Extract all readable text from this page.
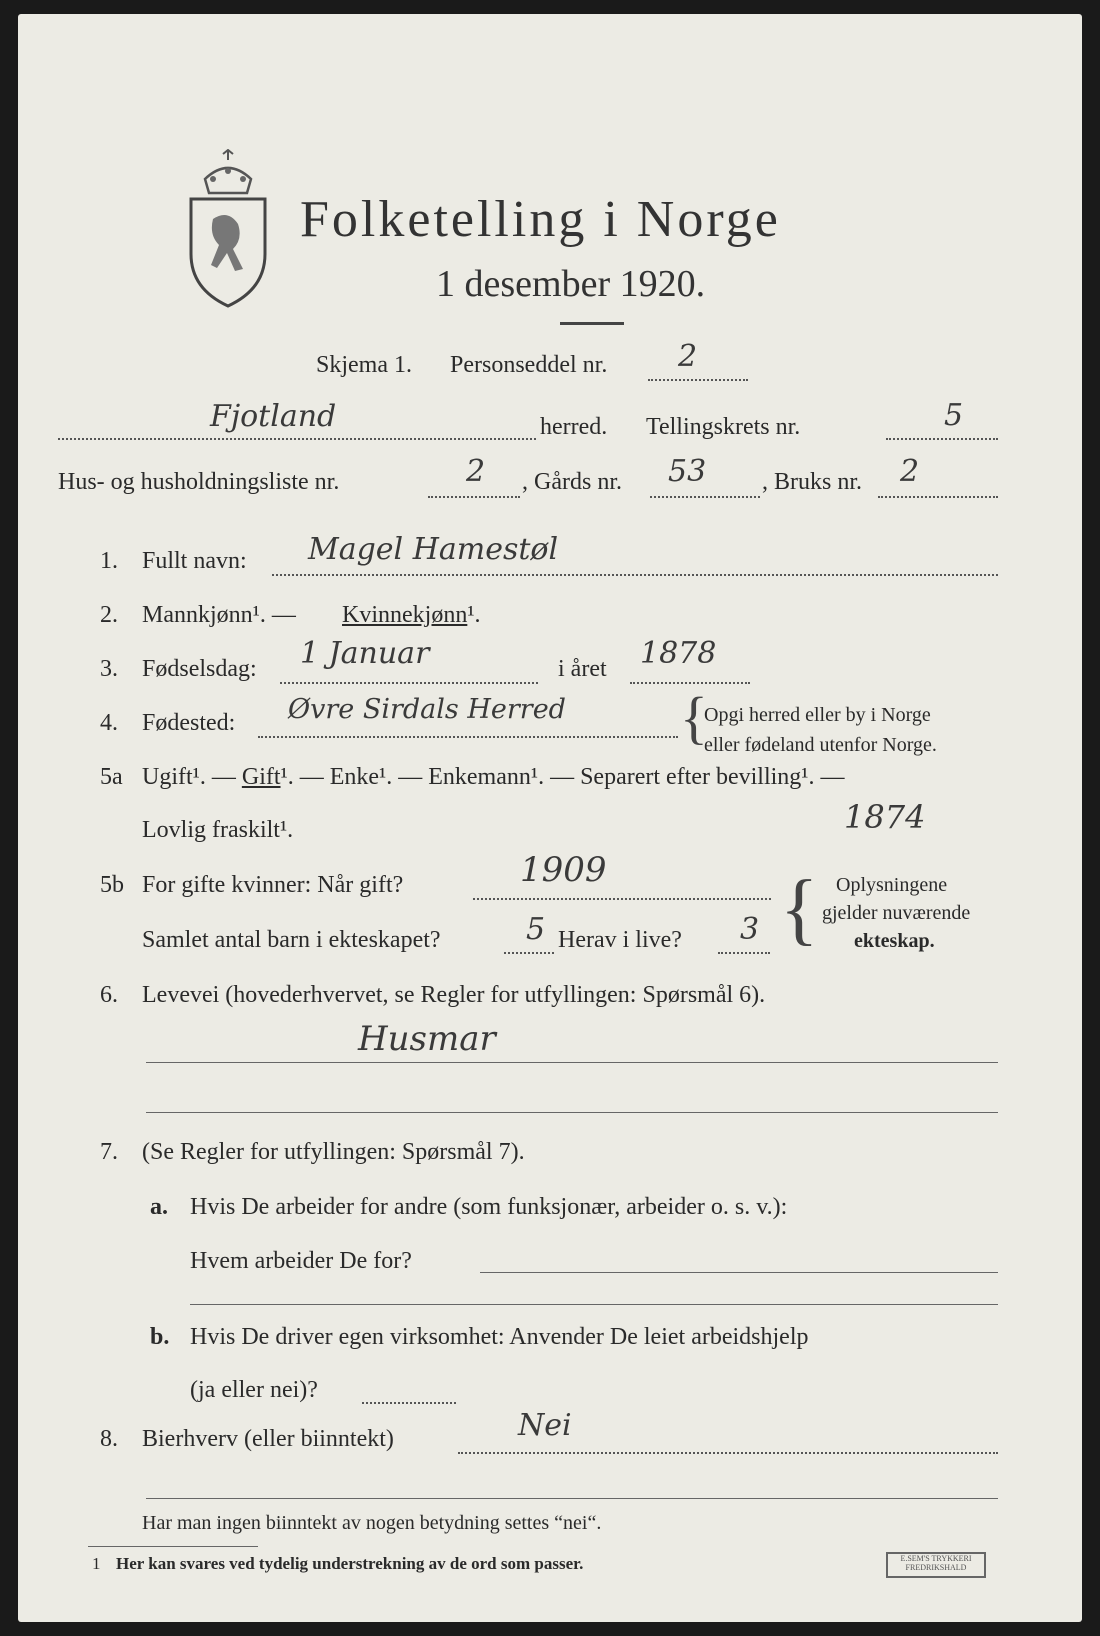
Folketelling i Norge
1 desember 1920.
Skjema 1. Personseddel nr. 2
Fjotland	herred. Tellingskrets nr.	5
Hus- og husholdningsliste nr.	2 , Gårds nr. 53 , Bruks nr. 2
1. Fullt navn: Magel Hamestøl
2. Mannkjønn¹. — Kvinnekjønn¹.
3. Fødselsdag: 1 Januar	i året 1878
4. Fødested: Øvre Sirdals Herred {
Opgi herred eller by i Norge
eller fødeland utenfor Norge.
5a Ugift¹. — Gift¹. — Enke¹. — Enkemann¹. — Separert efter bevilling¹. —
Lovlig fraskilt¹.	1874
5b For gifte kvinner: Når gift?	1909
Samlet antal barn i ekteskapet?	5 Herav i live? 3 { Oplysningene
gjelder nuværende
ekteskap.
6. Levevei (hovederhvervet, se Regler for utfyllingen: Spørsmål 6).
Husmar
7. (Se Regler for utfyllingen: Spørsmål 7).
a. Hvis De arbeider for andre (som funksjonær, arbeider o. s. v.):
Hvem arbeider De for?
b. Hvis De driver egen virksomhet: Anvender De leiet arbeidshjelp
(ja eller nei)?
8. Bierhverv (eller biinntekt)	Nei
Har man ingen biinntekt av nogen betydning settes “nei“.
1 Her kan svares ved tydelig understrekning av de ord som passer.	E.SEM'S TRYKKERI
FREDRIKSHALD
